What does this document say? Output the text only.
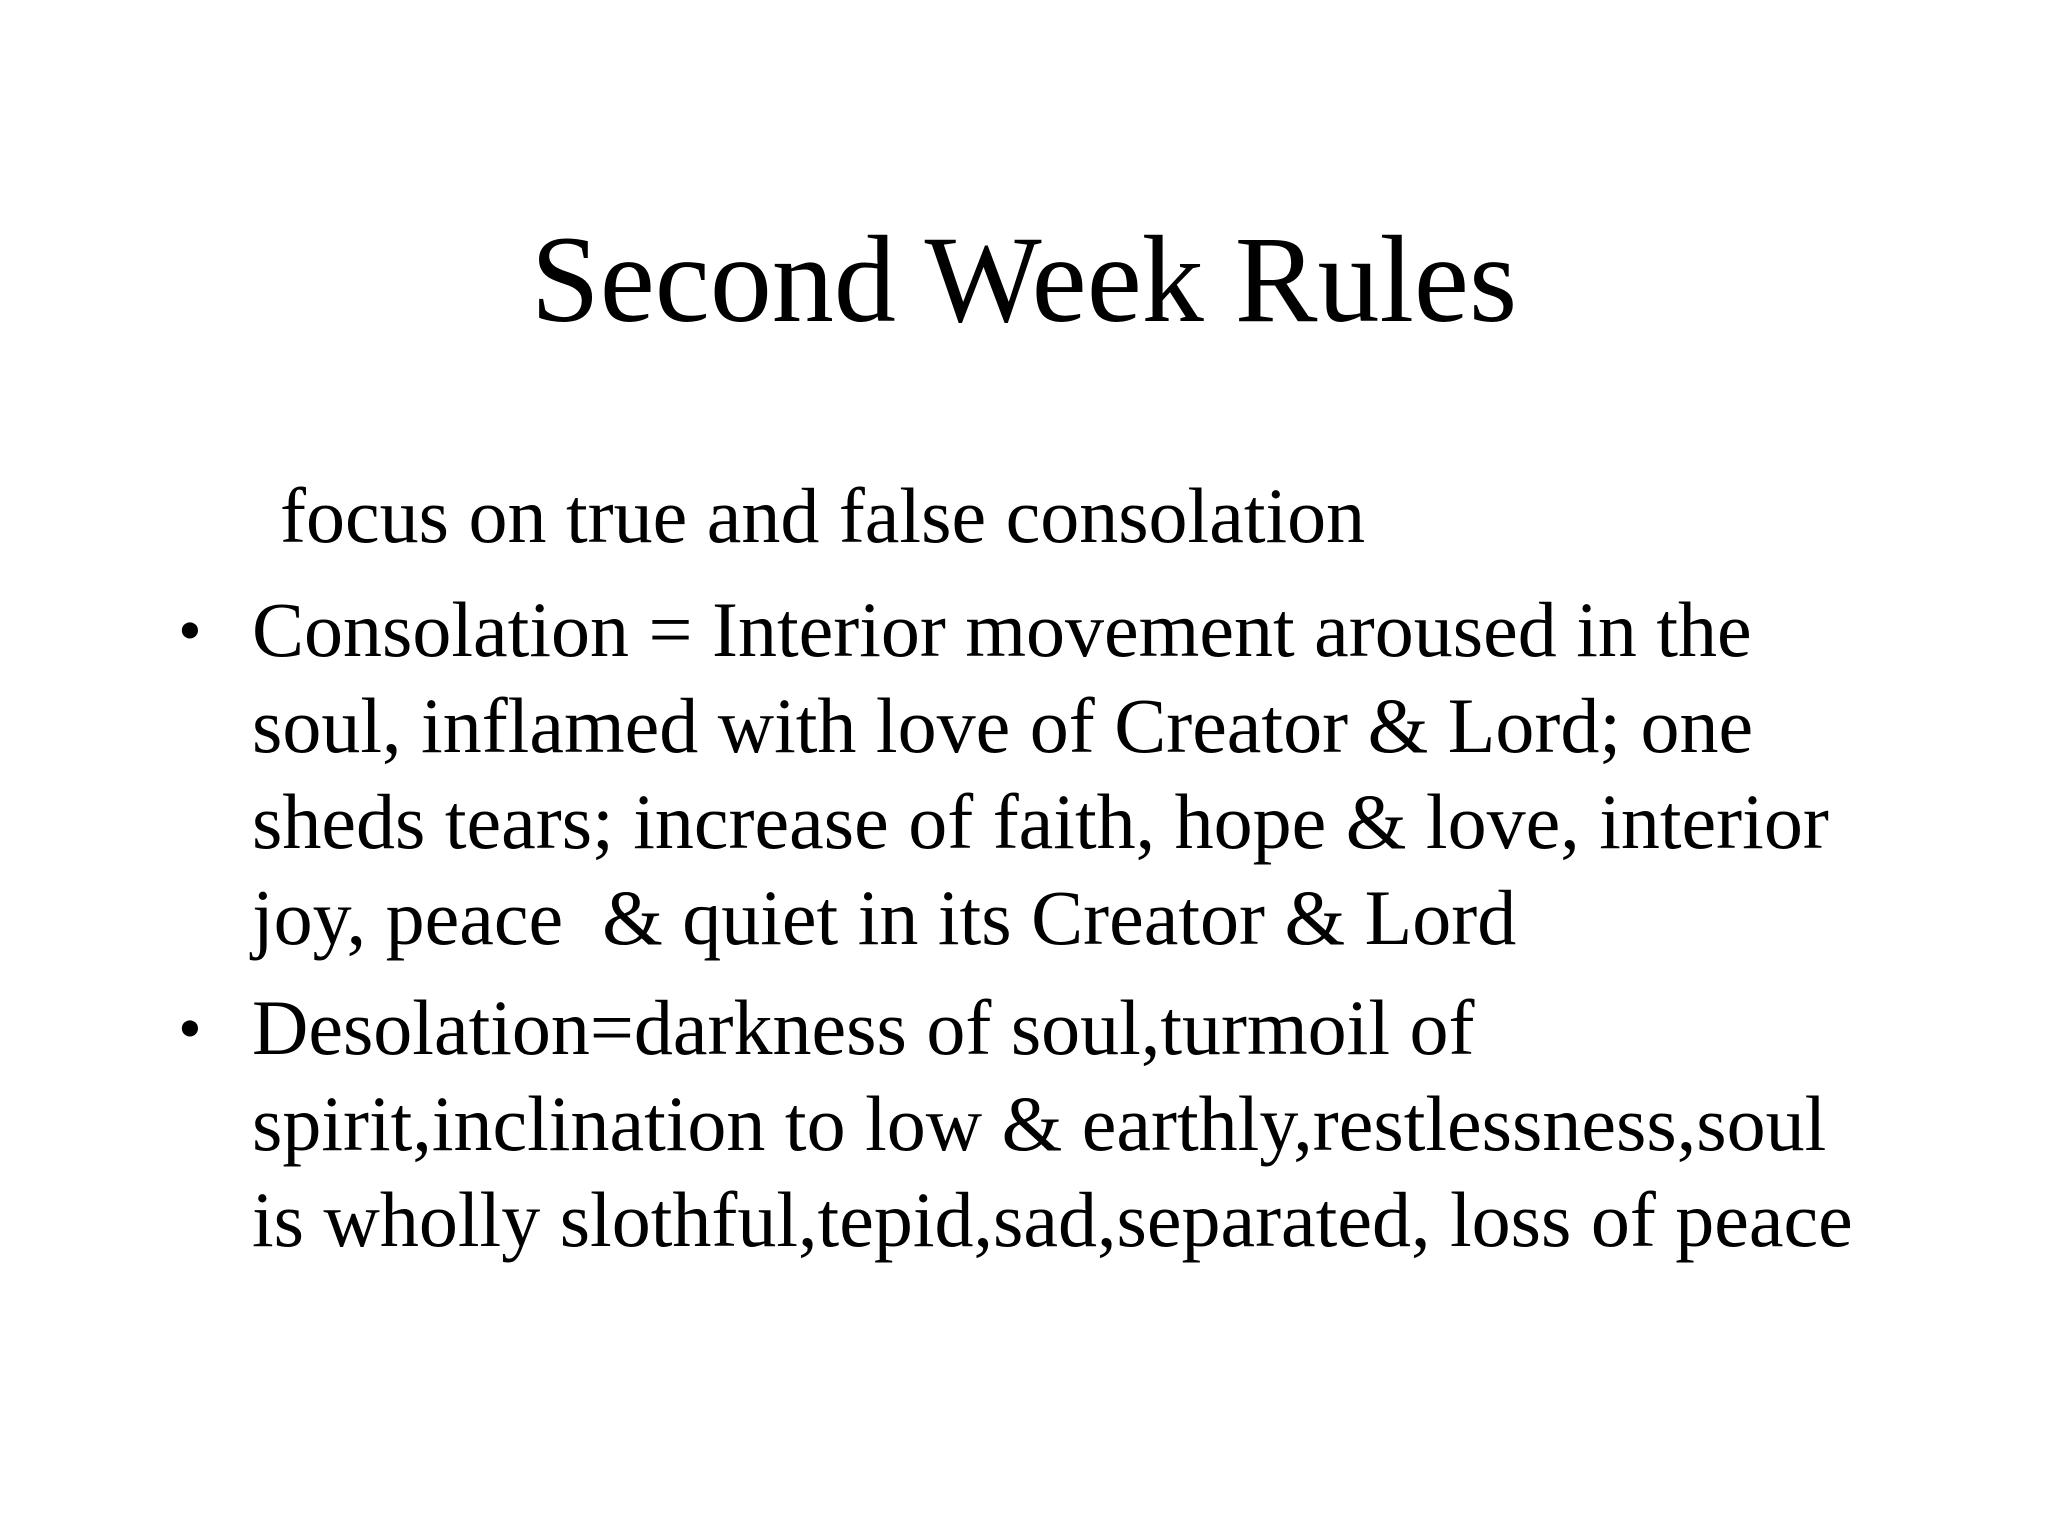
Second Week Rules

focus on true and false consolation

• Consolation = Interior movement aroused in the soul, inflamed with love of Creator & Lord; one sheds tears; increase of faith, hope & love, interior joy, peace  & quiet in its Creator & Lord
• Desolation=darkness of soul,turmoil of spirit,inclination to low & earthly,restlessness,soul is wholly slothful,tepid,sad,separated, loss of peace
